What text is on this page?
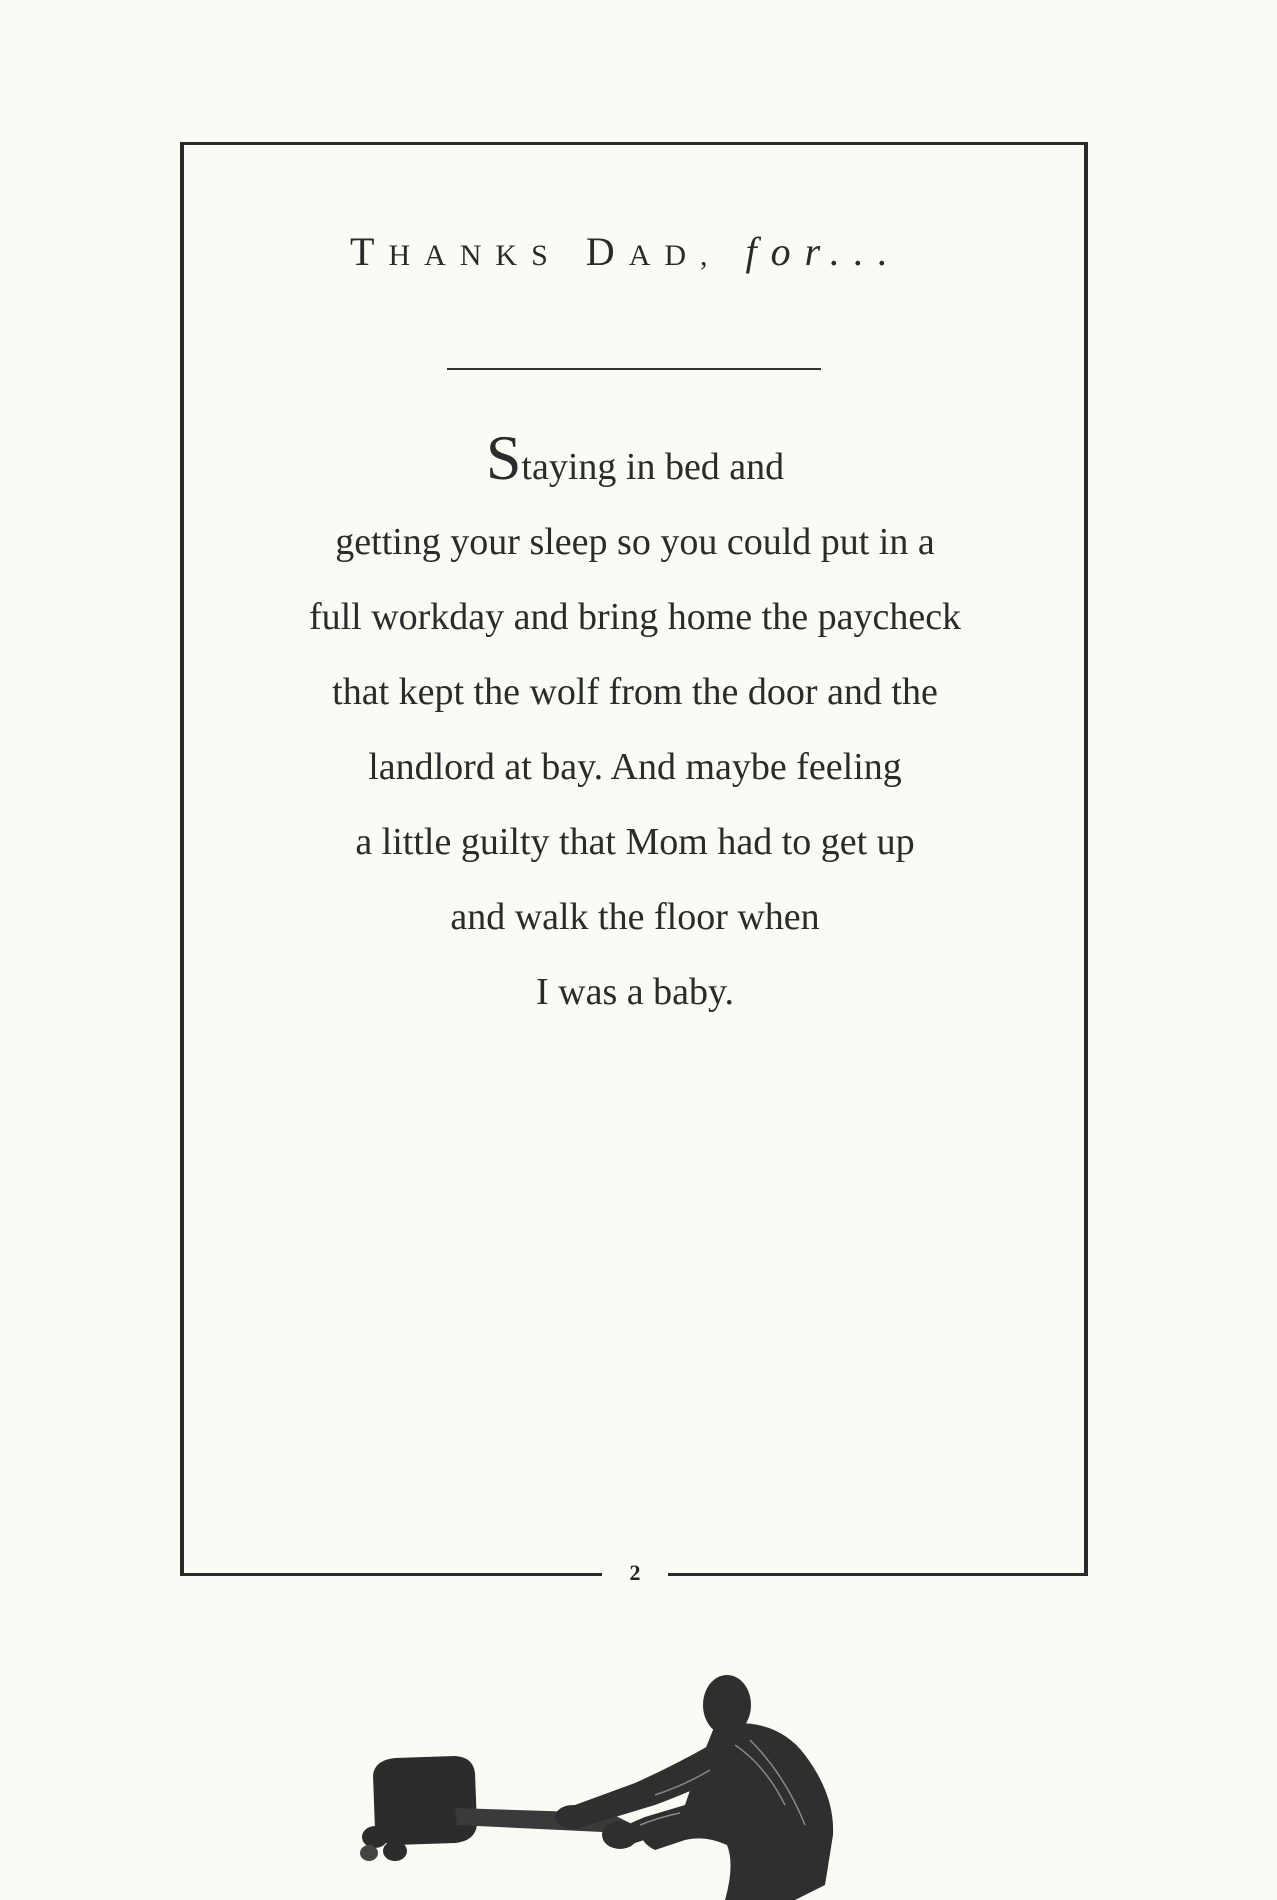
2
THANKS DAD, for...

Staying in bed and

getting your sleep so you could put in a

full workday and bring home the paycheck

that kept the wolf from the door and the

landlord at bay. And maybe feeling

a little guilty that Mom had to get up

and walk the floor when

I was a baby.
